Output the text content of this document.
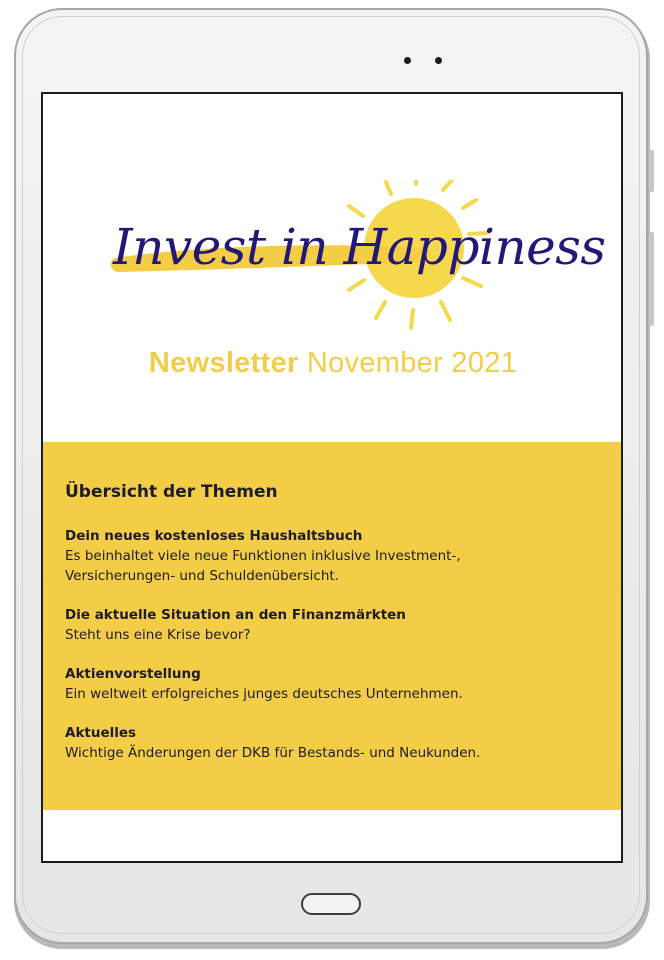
Invest in Happiness
Newsletter November 2021
Übersicht der Themen
Dein neues kostenloses Haushaltsbuch
Es beinhaltet viele neue Funktionen inklusive Investment-,
Versicherungen- und Schuldenübersicht.
Die aktuelle Situation an den Finanzmärkten
Steht uns eine Krise bevor?
Aktienvorstellung
Ein weltweit erfolgreiches junges deutsches Unternehmen.
Aktuelles
Wichtige Änderungen der DKB für Bestands- und Neukunden.
